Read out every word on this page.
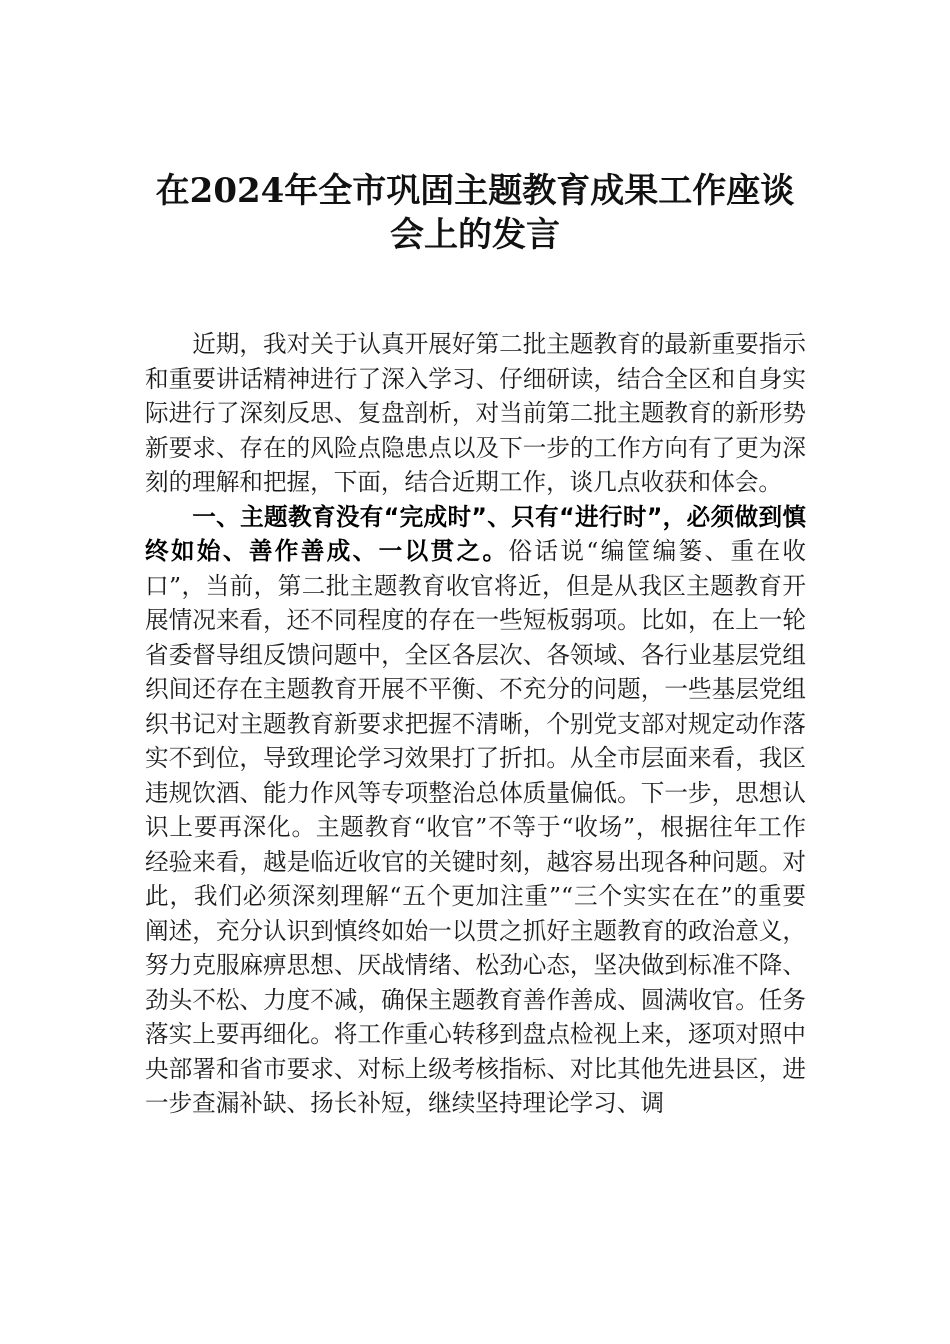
在2024年全市巩固主题教育成果工作座谈
会上的发言

近期，我对关于认真开展好第二批主题教育的最新重要指示和重要讲话精神进行了深入学习、仔细研读，结合全区和自身实际进行了深刻反思、复盘剖析，对当前第二批主题教育的新形势新要求、存在的风险点隐患点以及下一步的工作方向有了更为深刻的理解和把握，下面，结合近期工作，谈几点收获和体会。

一、主题教育没有“完成时”、只有“进行时”，必须做到慎终如始、善作善成、一以贯之。俗话说“编筐编篓、重在收口”，当前，第二批主题教育收官将近，但是从我区主题教育开展情况来看，还不同程度的存在一些短板弱项。比如，在上一轮省委督导组反馈问题中，全区各层次、各领域、各行业基层党组织间还存在主题教育开展不平衡、不充分的问题，一些基层党组织书记对主题教育新要求把握不清晰，个别党支部对规定动作落实不到位，导致理论学习效果打了折扣。从全市层面来看，我区违规饮酒、能力作风等专项整治总体质量偏低。下一步，思想认识上要再深化。主题教育“收官”不等于“收场”，根据往年工作经验来看，越是临近收官的关键时刻，越容易出现各种问题。对此，我们必须深刻理解“五个更加注重”“三个实实在在”的重要阐述，充分认识到慎终如始一以贯之抓好主题教育的政治意义，努力克服麻痹思想、厌战情绪、松劲心态，坚决做到标准不降、劲头不松、力度不减，确保主题教育善作善成、圆满收官。任务落实上要再细化。将工作重心转移到盘点检视上来，逐项对照中央部署和省市要求、对标上级考核指标、对比其他先进县区，进一步查漏补缺、扬长补短，继续坚持理论学习、调
